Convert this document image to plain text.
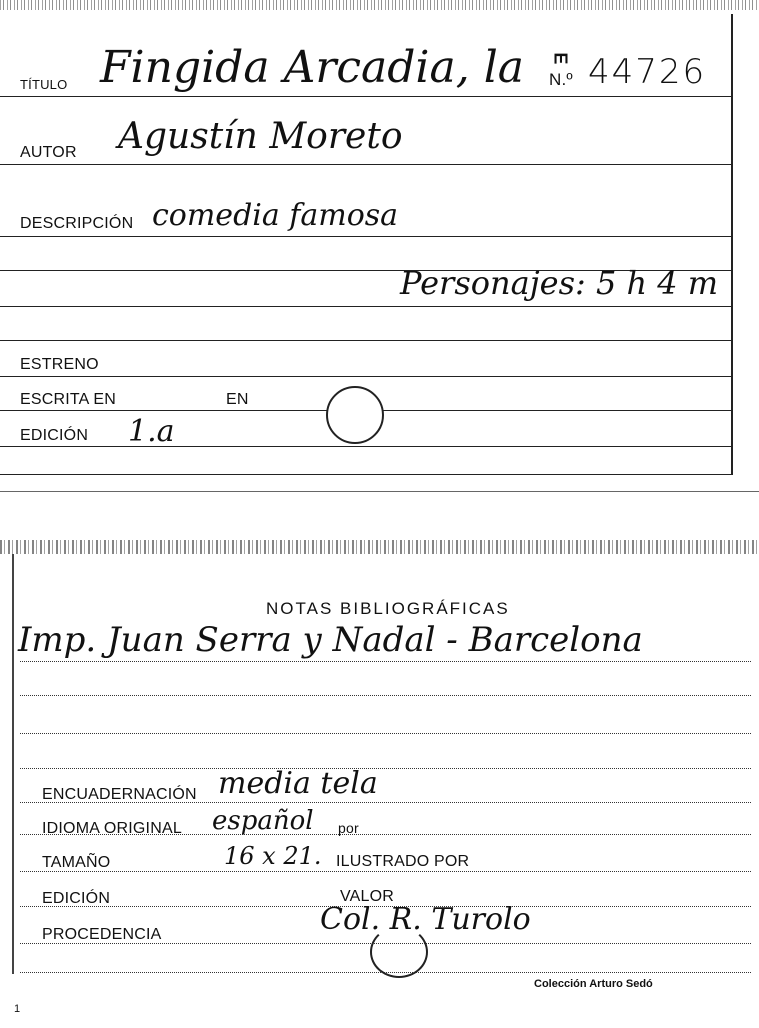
TÍTULO Fingida Arcadia, la E
N.º 44726
AUTOR Agustín Moreto
DESCRIPCIÓN comedia famosa
Personajes: 5 h 4 m
ESTRENO
ESCRITA EN	EN
EDICIÓN 1.a
NOTAS BIBLIOGRÁFICAS
Imp. Juan Serra y Nadal - Barcelona
ENCUADERNACIÓN media tela
IDIOMA ORIGINAL español por
TAMAÑO	16 x 21. ILUSTRADO POR
EDICIÓN	VALOR
PROCEDENCIA	Col. R. Turolo
Colección Arturo Sedó
1
